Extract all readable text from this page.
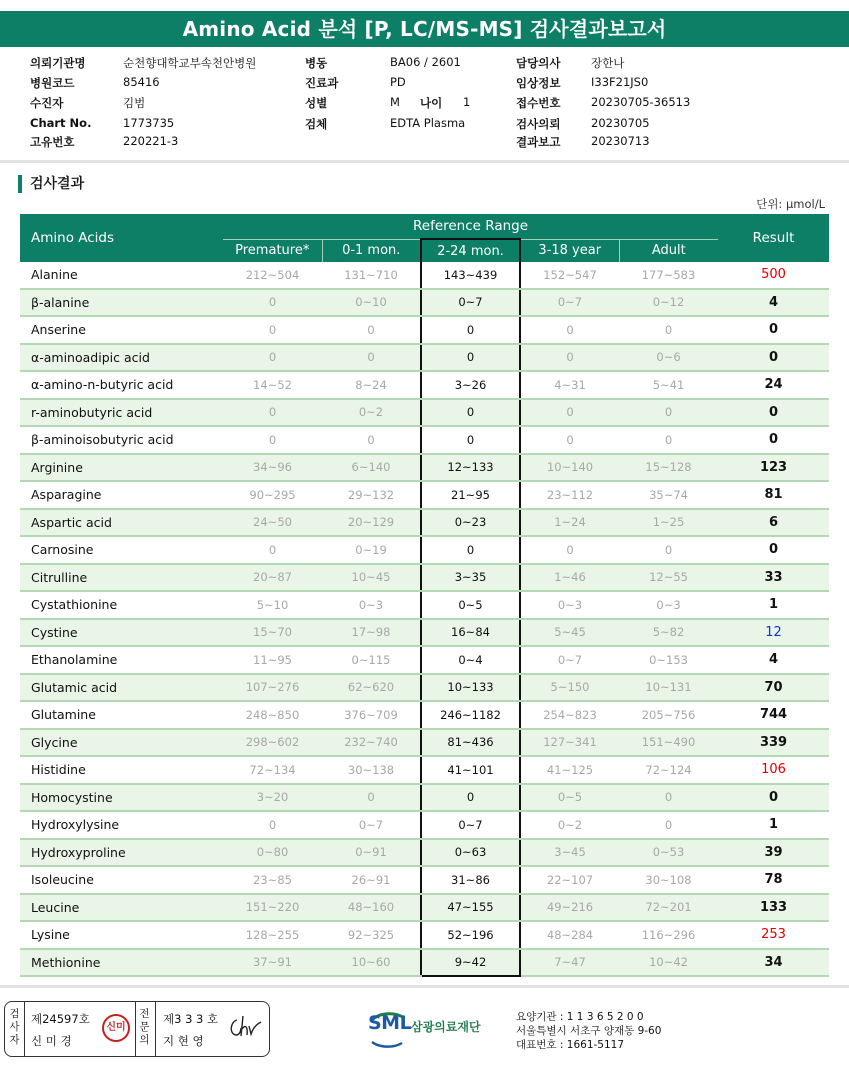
Amino Acid 분석 [P, LC/MS-MS] 검사결과보고서
의뢰기관명	순천향대학교부속천안병원
병원코드	85416
수진자	김범
Chart No.	1773735
고유번호	220221-3
병동	BA06 / 2601
진료과	PD
성별	M
검체	EDTA Plasma
담당의사	장한나
임상정보	I33F21JS0
접수번호	20230705-36513
검사의뢰	20230705
결과보고	20230713
나이 1
검사결과
단위: μmol/L
Amino Acids	Reference Range					Result
	Premature*	0-1 mon.	2-24 mon.	3-18 year	Adult	
Alanine	212~504	131~710	143~439	152~547	177~583	500
β-alanine	0	0~10	0~7	0~7	0~12	4
Anserine	0	0	0	0	0	0
α-aminoadipic acid	0	0	0	0	0~6	0
α-amino-n-butyric acid	14~52	8~24	3~26	4~31	5~41	24
r-aminobutyric acid	0	0~2	0	0	0	0
β-aminoisobutyric acid	0	0	0	0	0	0
Arginine	34~96	6~140	12~133	10~140	15~128	123
Asparagine	90~295	29~132	21~95	23~112	35~74	81
Aspartic acid	24~50	20~129	0~23	1~24	1~25	6
Carnosine	0	0~19	0	0	0	0
Citrulline	20~87	10~45	3~35	1~46	12~55	33
Cystathionine	5~10	0~3	0~5	0~3	0~3	1
Cystine	15~70	17~98	16~84	5~45	5~82	12
Ethanolamine	11~95	0~115	0~4	0~7	0~153	4
Glutamic acid	107~276	62~620	10~133	5~150	10~131	70
Glutamine	248~850	376~709	246~1182	254~823	205~756	744
Glycine	298~602	232~740	81~436	127~341	151~490	339
Histidine	72~134	30~138	41~101	41~125	72~124	106
Homocystine	3~20	0	0	0~5	0	0
Hydroxylysine	0	0~7	0~7	0~2	0	1
Hydroxyproline	0~80	0~91	0~63	3~45	0~53	39
Isoleucine	23~85	26~91	31~86	22~107	30~108	78
Leucine	151~220	48~160	47~155	49~216	72~201	133
Lysine	128~255	92~325	52~196	48~284	116~296	253
Methionine	37~91	10~60	9~42	7~47	10~42	34
검사자
제24597호
신 미 경
신미
전문의
제3 3 3 호
지 현 영
SML 삼광의료재단
요양기관 : 1 1 3 6 5 2 0 0
서울특별시 서초구 양재동 9-60
대표번호 : 1661-5117
